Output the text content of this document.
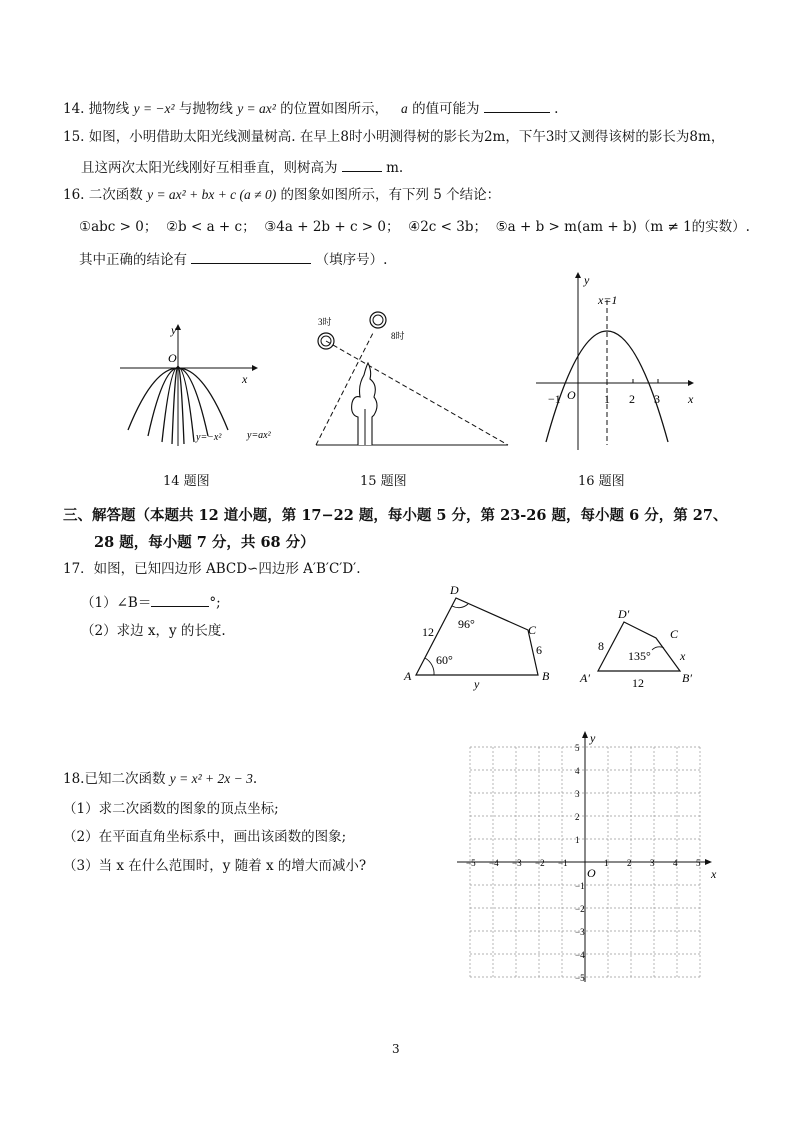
14. 抛物线 y = −x² 与抛物线 y = ax² 的位置如图所示， a 的值可能为	.
15. 如图，小明借助太阳光线测量树高. 在早上8时小明测得树的影长为2m，下午3时又测得该树的影长为8m，
且这两次太阳光线刚好互相垂直，则树高为	m.
16. 二次函数 y = ax² + bx + c (a ≠ 0) 的图象如图所示，有下列 5 个结论：
①abc > 0； ②b < a + c； ③4a + 2b + c > 0； ④2c < 3b； ⑤a + b > m(am + b)（m ≠ 1的实数）.
其中正确的结论有	（填序号）.
y
x
O
y=−x²	y=ax²
14 题图
3时
8时
15 题图
y
x
O
x=1
−1	1 2 3
16 题图
三、解答题（本题共 12 道小题，第 17−22 题，每小题 5 分，第 23-26 题，每小题 6 分，第 27、
28 题，每小题 7 分，共 68 分）
17．如图，已知四边形 ABCD∽四边形 A′B′C′D′.
（1）∠B＝	°;
（2）求边 x，y 的长度.
A	B
C
D
12
6
y
96°
60°
A′	B′
C
D′
8
12
x
135°
18.已知二次函数 y = x² + 2x − 3.
（1）求二次函数的图象的顶点坐标;
（2）在平面直角坐标系中，画出该函数的图象;
（3）当 x 在什么范围时，y 随着 x 的增大而减小?	−5 −4 −3 −2 −1	1 2 3 4 5
5
4
3
2
1
−1
−2
−3
−4
−5
O	x
y
3
